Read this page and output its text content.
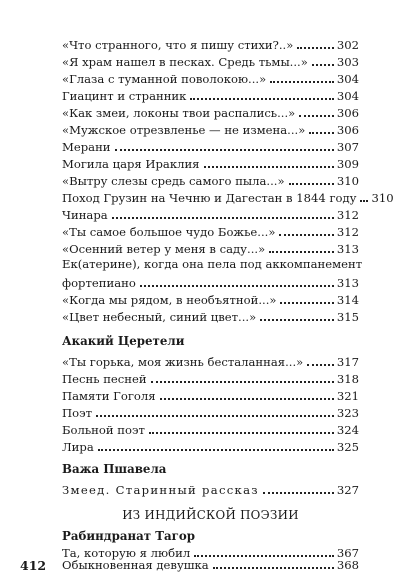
«Что странного, что я пишу стихи?..»	302
«Я храм нашел в песках. Средь тьмы...»	303
«Глаза с туманной поволокою...»	304
Гиацинт и странник	304
«Как змеи, локоны твои распались...»	306
«Мужское отрезвленье — не измена...»	306
Мерани	307
Могила царя Ираклия	309
«Вытру слезы средь самого пыла...»	310
Поход Грузин на Чечню и Дагестан в 1844 году 310
Чинара	312
«Ты самое большое чудо Божье...»	312
«Осенний ветер у меня в саду...»	313
Ек(атерине), когда она пела под аккомпанемент
фортепиано	313
«Когда мы рядом, в необъятной...»	314
«Цвет небесный, синий цвет...»	315
Акакий Церетели
«Ты горька, моя жизнь бесталанная...»	317
Песнь песней	318
Памяти Гоголя	321
Поэт	323
Больной поэт	324
Лира	325
Важа Пшавела
Змеед. Старинный рассказ	327
ИЗ ИНДИЙСКОЙ ПОЭЗИИ
Рабиндранат Тагор
Та, которую я любил	367
Обыкновенная девушка	368
412
